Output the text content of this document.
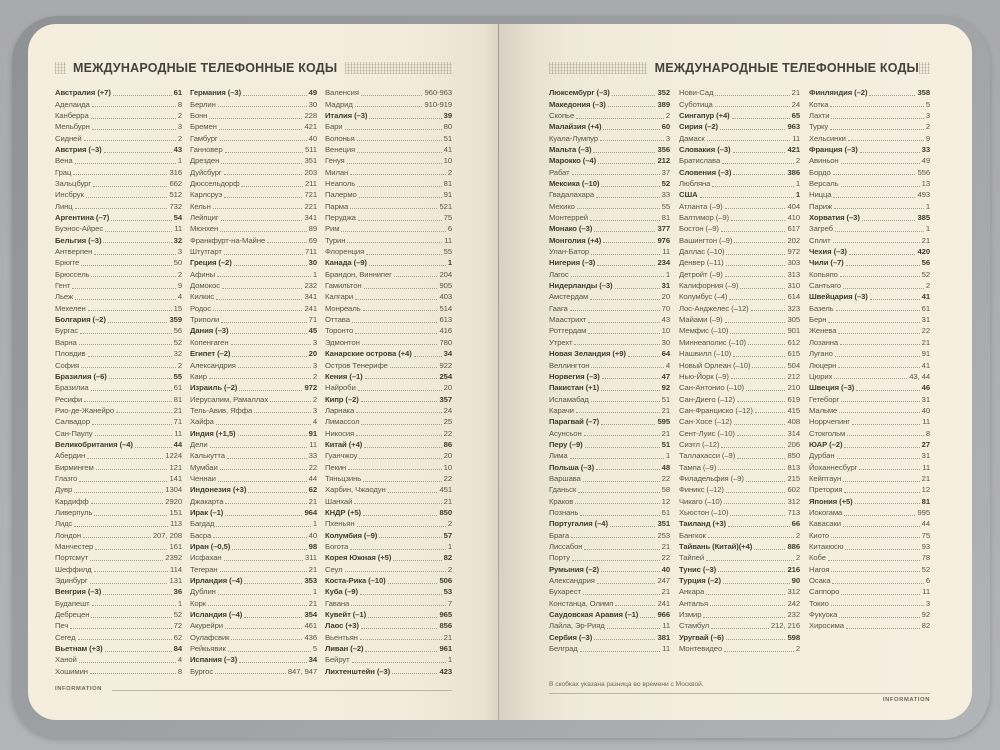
МЕЖДУНАРОДНЫЕ ТЕЛЕФОННЫЕ КОДЫ
Австралия (+7)	61
Аделаида	8
Канберра	2
Мельбурн	3
Сидней	2
Австрия (–3)	43
Вена	1
Грац	316
Зальцбург	662
Инсбрук	512
Линц	732
Аргентина (–7)	54
Буэнос-Айрес	11
Бельгия (–3)	32
Антверпен	3
Брюгге	50
Брюссель	2
Гент	9
Льеж	4
Мехелен	15
Болгария (–2)	359
Бургас	56
Варна	52
Пловдив	32
София	2
Бразилия (–6)	55
Бразилиа	61
Ресифи	81
Рио-де-Жанейро	21
Салвадор	71
Сан-Паулу	11
Великобритания (–4)	44
Абердин	1224
Бирмингем	121
Глазго	141
Дувр	1304
Кардифф	2920
Ливерпуль	151
Лидс	113
Лондон	207, 208
Манчестер	161
Портсмут	2392
Шеффилд	114
Эдинбург	131
Венгрия (–3)	36
Будапешт	1
Дебрецен	52
Печ	72
Сегед	62
Вьетнам (+3)	84
Ханой	4
Хошимин	8
Германия (–3)	49
Берлин	30
Бонн	228
Бремен	421
Гамбург	40
Ганновер	511
Дрезден	351
Дуйсбург	203
Дюссельдорф	211
Карлсруэ	721
Кельн	221
Лейпциг	341
Мюнхен	89
Франкфурт-на-Майне	69
Штутгарт	711
Греция (–2)	30
Афины	1
Домокос	232
Килкис	341
Родос	241
Триполи	71
Дания (–3)	45
Копенгаген	3
Египет (–2)	20
Александрия	3
Каир	2
Израиль (–2)	972
Иерусалим, Рамаллах	2
Тель-Авив, Яффа	3
Хайфа	4
Индия (+1,5)	91
Дели	11
Калькутта	33
Мумбаи	22
Ченнаи	44
Индонезия (+3)	62
Джакарта	21
Ирак (–1)	964
Багдад	1
Басра	40
Иран (–0,5)	98
Исфахан	311
Тегеран	21
Ирландия (–4)	353
Дублин	1
Корк	21
Исландия (–4)	354
Акурейри	461
Оулафсвик	436
Рейкьявик	5
Испания (–3)	34
Бургос	847, 947
Валенсия	960-963
Мадрид	910-919
Италия (–3)	39
Бари	80
Болонья	51
Венеция	41
Генуя	10
Милан	2
Неаполь	81
Палермо	91
Парма	521
Перуджа	75
Рим	6
Турин	11
Флоренция	55
Канада (–9)	1
Брандон, Виннипег	204
Гамильтон	905
Калгари	403
Монреаль	514
Оттава	613
Торонто	416
Эдмонтон	780
Канарские острова (+4)	34
Остров Тенерифе	922
Кения (–1)	254
Найроби	20
Кипр (–2)	357
Ларнака	24
Лимассол	25
Никосия	22
Китай (+4)	86
Гуанчжоу	20
Пекин	10
Тяньцзинь	22
Харбин, Чжаодун	451
Шанхай	21
КНДР (+5)	850
Пхеньян	2
Колумбия (–9)	57
Богота	1
Корея Южная (+5)	82
Сеул	2
Коста-Рика (–10)	506
Куба (–9)	53
Гавана	7
Кувейт (–1)	965
Лаос (+3)	856
Вьентьян	21
Ливан (–2)	961
Бейрут	1
Лихтенштейн (–3)	423
INFORMATION
МЕЖДУНАРОДНЫЕ ТЕЛЕФОННЫЕ КОДЫ
Люксембург (–3)	352
Македония (–3)	389
Скопье	2
Малайзия (+4)	60
Куала-Лумпур	3
Мальта (–3)	356
Марокко (–4)	212
Рабат	37
Мексика (–10)	52
Гвадалахара	33
Мехико	55
Монтеррей	81
Монако (–3)	377
Монголия (+4)	976
Улан-Батор	11
Нигерия (–3)	234
Лагос	1
Нидерланды (–3)	31
Амстердам	20
Гаага	70
Маастрихт	43
Роттердам	10
Утрехт	30
Новая Зеландия (+9)	64
Веллингтон	4
Норвегия (–3)	47
Пакистан (+1)	92
Исламабад	51
Карачи	21
Парагвай (–7)	595
Асунсьон	21
Перу (–9)	51
Лима	1
Польша (–3)	48
Варшава	22
Гданьск	58
Краков	12
Познань	61
Португалия (–4)	351
Брага	253
Лиссабон	21
Порту	22
Румыния (–2)	40
Александрия	247
Бухарест	21
Констанца, Олимп	241
Саудовская Аравия (–1)	966
Лайла, Эр-Рияд	11
Сербия (–3)	381
Белград	11
Нови-Сад	21
Суботица	24
Сингапур (+4)	65
Сирия (–2)	963
Дамаск	11
Словакия (–3)	421
Братислава	2
Словения (–3)	386
Любляна	1
США	1
Атланта (–9)	404
Балтимор (–9)	410
Бостон (–9)	617
Вашингтон (–9)	202
Даллас (–10)	972
Денвер (–11)	303
Детройт (–9)	313
Калифорния (–9)	310
Колумбус (–4)	614
Лос-Анджелес (–12)	323
Майами (–9)	305
Мемфис (–10)	901
Миннеаполис (–10)	612
Нашвилл (–10)	615
Новый Орлеан (–10)	504
Нью-Йорк (–9)	212
Сан-Антонио (–10)	210
Сан-Диего (–12)	619
Сан-Франциско (–12)	415
Сан-Хосе (–12)	408
Сент-Луис (–10)	314
Сиэтл (–12)	206
Таллахасси (–9)	850
Тампа (–9)	813
Филадельфия (–9)	215
Финикс (–12)	602
Чикаго (–10)	312
Хьюстон (–10)	713
Таиланд (+3)	66
Бангкок	2
Тайвань (Китай)(+4)	886
Тайпей	2
Тунис (–3)	216
Турция (–2)	90
Анкара	312
Анталья	242
Измир	232
Стамбул	212, 216
Уругвай (–6)	598
Монтевидео	2
Финляндия (–2)	358
Котка	5
Лахти	3
Турку	2
Хельсинки	9
Франция (–3)	33
Авиньон	49
Бордо	556
Версаль	13
Ницца	493
Париж	1
Хорватия (–3)	385
Загреб	1
Сплит	21
Чехия (–3)	420
Чили (–7)	56
Копьяпо	52
Сантьяго	2
Швейцария (–3)	41
Базель	61
Берн	31
Женева	22
Лозанна	21
Лугано	91
Люцерн	41
Цюрих	43, 44
Швеция (–3)	46
Гетеборг	31
Мальме	40
Норрчепинг	11
Стокгольм	8
ЮАР (–2)	27
Дурбан	31
Йоханнесбург	11
Кейптаун	21
Претория	12
Япония (+5)	81
Иокогама	995
Кавасаки	44
Киото	75
Китакюсю	93
Кобе	78
Нагоя	52
Осака	6
Саппоро	11
Токио	3
Фукуока	92
Хиросима	82

В скобках указана разница во времени с Москвой.

INFORMATION
